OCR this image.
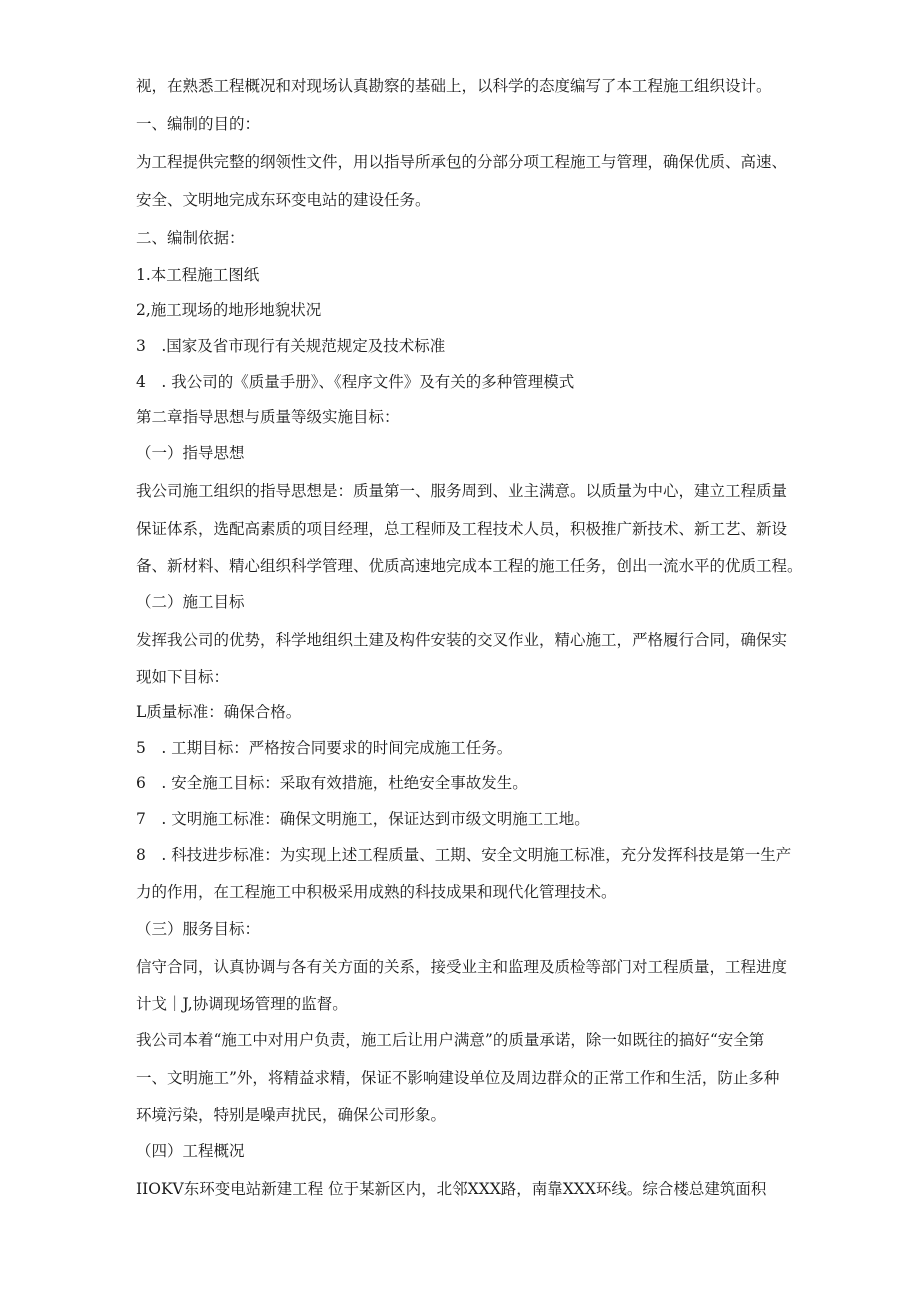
视，在熟悉工程概况和对现场认真勘察的基础上，以科学的态度编写了本工程施工组织设计。
一、编制的目的：
为工程提供完整的纲领性文件，用以指导所承包的分部分项工程施工与管理，确保优质、高速、
安全、文明地完成东环变电站的建设任务。
二、编制依据：
1.本工程施工图纸
2,施工现场的地形地貌状况
3　.国家及省市现行有关规范规定及技术标准
4　. 我公司的《质量手册》、《程序文件》及有关的多种管理模式
第二章指导思想与质量等级实施目标：
（一）指导思想
我公司施工组织的指导思想是：质量第一、服务周到、业主满意。以质量为中心，建立工程质量
保证体系，选配高素质的项目经理，总工程师及工程技术人员，积极推广新技术、新工艺、新设
备、新材料、精心组织科学管理、优质高速地完成本工程的施工任务，创出一流水平的优质工程。
（二）施工目标
发挥我公司的优势，科学地组织土建及构件安装的交叉作业，精心施工，严格履行合同，确保实
现如下目标：
L质量标准：确保合格。
5　. 工期目标：严格按合同要求的时间完成施工任务。
6　. 安全施工目标：采取有效措施，杜绝安全事故发生。
7　. 文明施工标准：确保文明施工，保证达到市级文明施工工地。
8　. 科技进步标准：为实现上述工程质量、工期、安全文明施工标准，充分发挥科技是第一生产
力的作用，在工程施工中积极采用成熟的科技成果和现代化管理技术。
（三）服务目标：
信守合同，认真协调与各有关方面的关系，接受业主和监理及质检等部门对工程质量，工程进度
计戈｜J,协调现场管理的监督。
我公司本着“施工中对用户负责，施工后让用户满意”的质量承诺，除一如既往的搞好“安全第
一、文明施工”外，将精益求精，保证不影响建设单位及周边群众的正常工作和生活，防止多种
环境污染，特别是噪声扰民，确保公司形象。
（四）工程概况
IIOKV东环变电站新建工程 位于某新区内，北邻XXX路，南靠XXX环线。综合楼总建筑面积
